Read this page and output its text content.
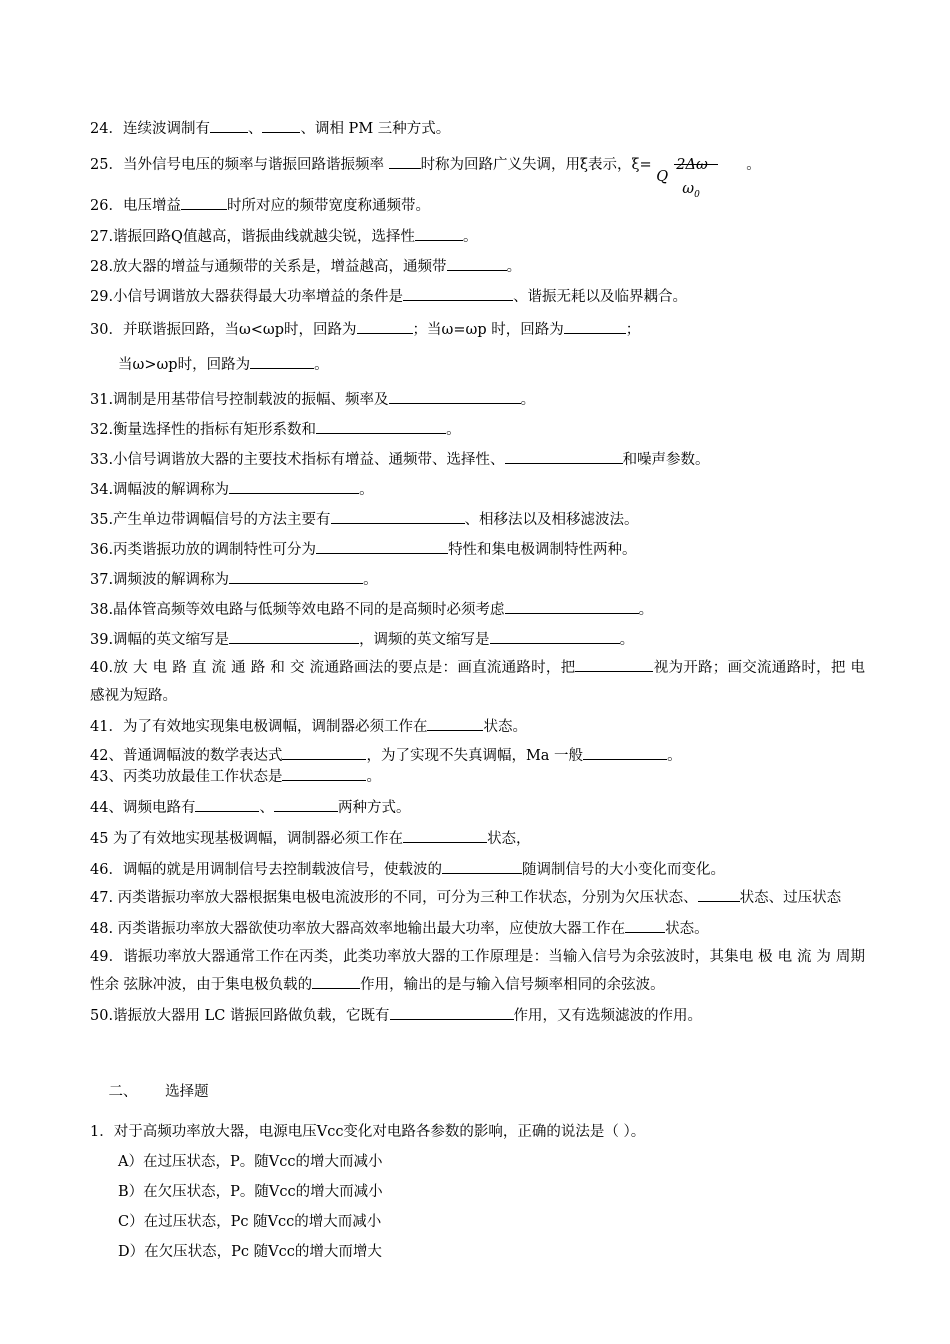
24．连续波调制有	、	、调相 PM 三种方式。
25．当外信号电压的频率与谐振回路谐振频率 时称为回路广义失调，用ξ表示，ξ=
Q
2Δω
$\omega_0$
。
26．电压增益	时所对应的频带宽度称通频带。
27.谐振回路Q值越高，谐振曲线就越尖锐，选择性	。
28.放大器的增益与通频带的关系是，增益越高，通频带	。
29.小信号调谐放大器获得最大功率增益的条件是	、谐振无耗以及临界耦合。
30．并联谐振回路，当ω<ωp时，回路为	；当ω=ωp 时，回路为	；
当ω>ωp时，回路为	。
31.调制是用基带信号控制载波的振幅、频率及	。
32.衡量选择性的指标有矩形系数和	。
33.小信号调谐放大器的主要技术指标有增益、通频带、选择性、	和噪声参数。
34.调幅波的解调称为	。
35.产生单边带调幅信号的方法主要有	、相移法以及相移滤波法。
36.丙类谐振功放的调制特性可分为	特性和集电极调制特性两种。
37.调频波的解调称为	。
38.晶体管高频等效电路与低频等效电路不同的是高频时必须考虑	。
39.调幅的英文缩写是	，调频的英文缩写是	。
40.放 大 电 路 直 流 通 路 和 交 流通路画法的要点是：画直流通路时，把	视为开路；画交流通路时，把 电感视为短路。
41．为了有效地实现集电极调幅，调制器必须工作在	状态。
42、普通调幅波的数学表达式	，为了实现不失真调幅，Ma 一般	。
43、丙类功放最佳工作状态是	。
44、调频电路有	、	两种方式。
45 为了有效地实现基极调幅，调制器必须工作在	状态，
46．调幅的就是用调制信号去控制载波信号，使载波的	随调制信号的大小变化而变化。
47. 丙类谐振功率放大器根据集电极电流波形的不同，可分为三种工作状态，分别为欠压状态、	状态、过压状态
48. 丙类谐振功率放大器欲使功率放大器高效率地输出最大功率，应使放大器工作在	状态。
49．谐振功率放大器通常工作在丙类，此类功率放大器的工作原理是：当输入信号为余弦波时，其集电 极 电 流 为 周期 性余 弦脉冲波，由于集电极负载的	作用，输出的是与输入信号频率相同的余弦波。
50.谐振放大器用 LC 谐振回路做负载，它既有	作用，又有选频滤波的作用。

二、      选择题

1．对于高频功率放大器，电源电压Vcc变化对电路各参数的影响，正确的说法是（ ）。
A）在过压状态，P。随Vcc的增大而减小
B）在欠压状态，P。随Vcc的增大而减小
C）在过压状态，Pc 随Vcc的增大而减小
D）在欠压状态，Pc 随Vcc的增大而增大
